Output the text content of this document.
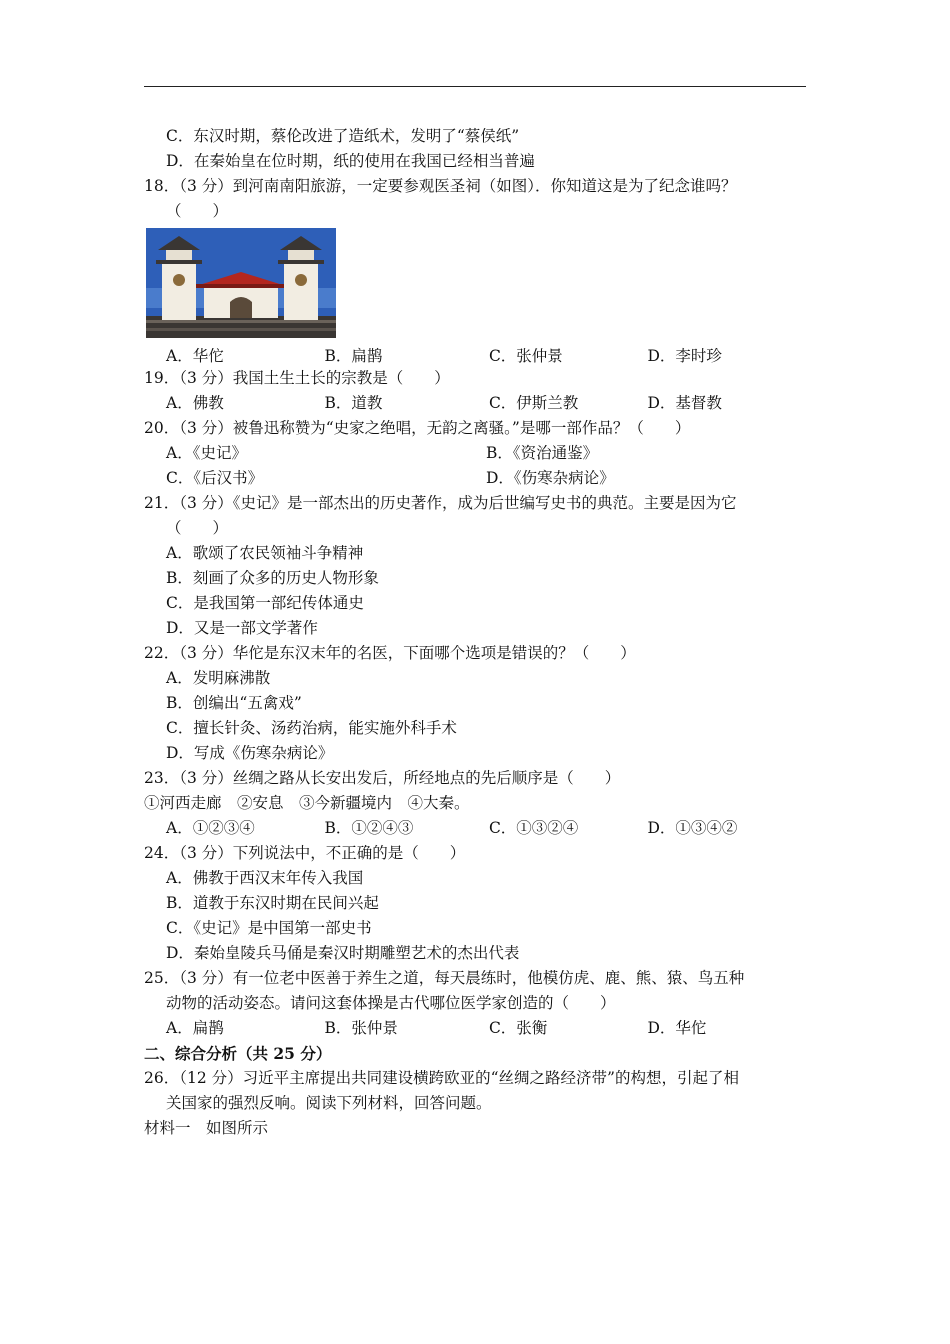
C．东汉时期，蔡伦改进了造纸术，发明了“蔡侯纸”
D．在秦始皇在位时期，纸的使用在我国已经相当普遍
18．（3 分）到河南南阳旅游，一定要参观医圣祠（如图）．你知道这是为了纪念谁吗？
（　　）
A．华佗	B．扁鹊	C．张仲景	D．李时珍
19．（3 分）我国土生土长的宗教是（　　）
A．佛教	B．道教	C．伊斯兰教	D．基督教
20．（3 分）被鲁迅称赞为“史家之绝唱，无韵之离骚。”是哪一部作品？（　　）
A．《史记》	B．《资治通鉴》
C．《后汉书》	D．《伤寒杂病论》
21．（3 分）《史记》是一部杰出的历史著作，成为后世编写史书的典范。主要是因为它
（　　）
A．歌颂了农民领袖斗争精神
B．刻画了众多的历史人物形象
C．是我国第一部纪传体通史
D．又是一部文学著作
22．（3 分）华佗是东汉末年的名医，下面哪个选项是错误的？（　　）
A．发明麻沸散
B．创编出“五禽戏”
C．擅长针灸、汤药治病，能实施外科手术
D．写成《伤寒杂病论》
23．（3 分）丝绸之路从长安出发后，所经地点的先后顺序是（　　）
①河西走廊　②安息　③今新疆境内　④大秦。
A．①②③④	B．①②④③	C．①③②④	D．①③④②
24．（3 分）下列说法中，不正确的是（　　）
A．佛教于西汉末年传入我国
B．道教于东汉时期在民间兴起
C．《史记》是中国第一部史书
D．秦始皇陵兵马俑是秦汉时期雕塑艺术的杰出代表
25．（3 分）有一位老中医善于养生之道，每天晨练时，他模仿虎、鹿、熊、猿、鸟五种
动物的活动姿态。请问这套体操是古代哪位医学家创造的（　　）
A．扁鹊	B．张仲景	C．张衡	D．华佗
二、综合分析（共 25 分）
26．（12 分）习近平主席提出共同建设横跨欧亚的“丝绸之路经济带”的构想，引起了相
关国家的强烈反响。阅读下列材料，回答问题。
材料一　如图所示
